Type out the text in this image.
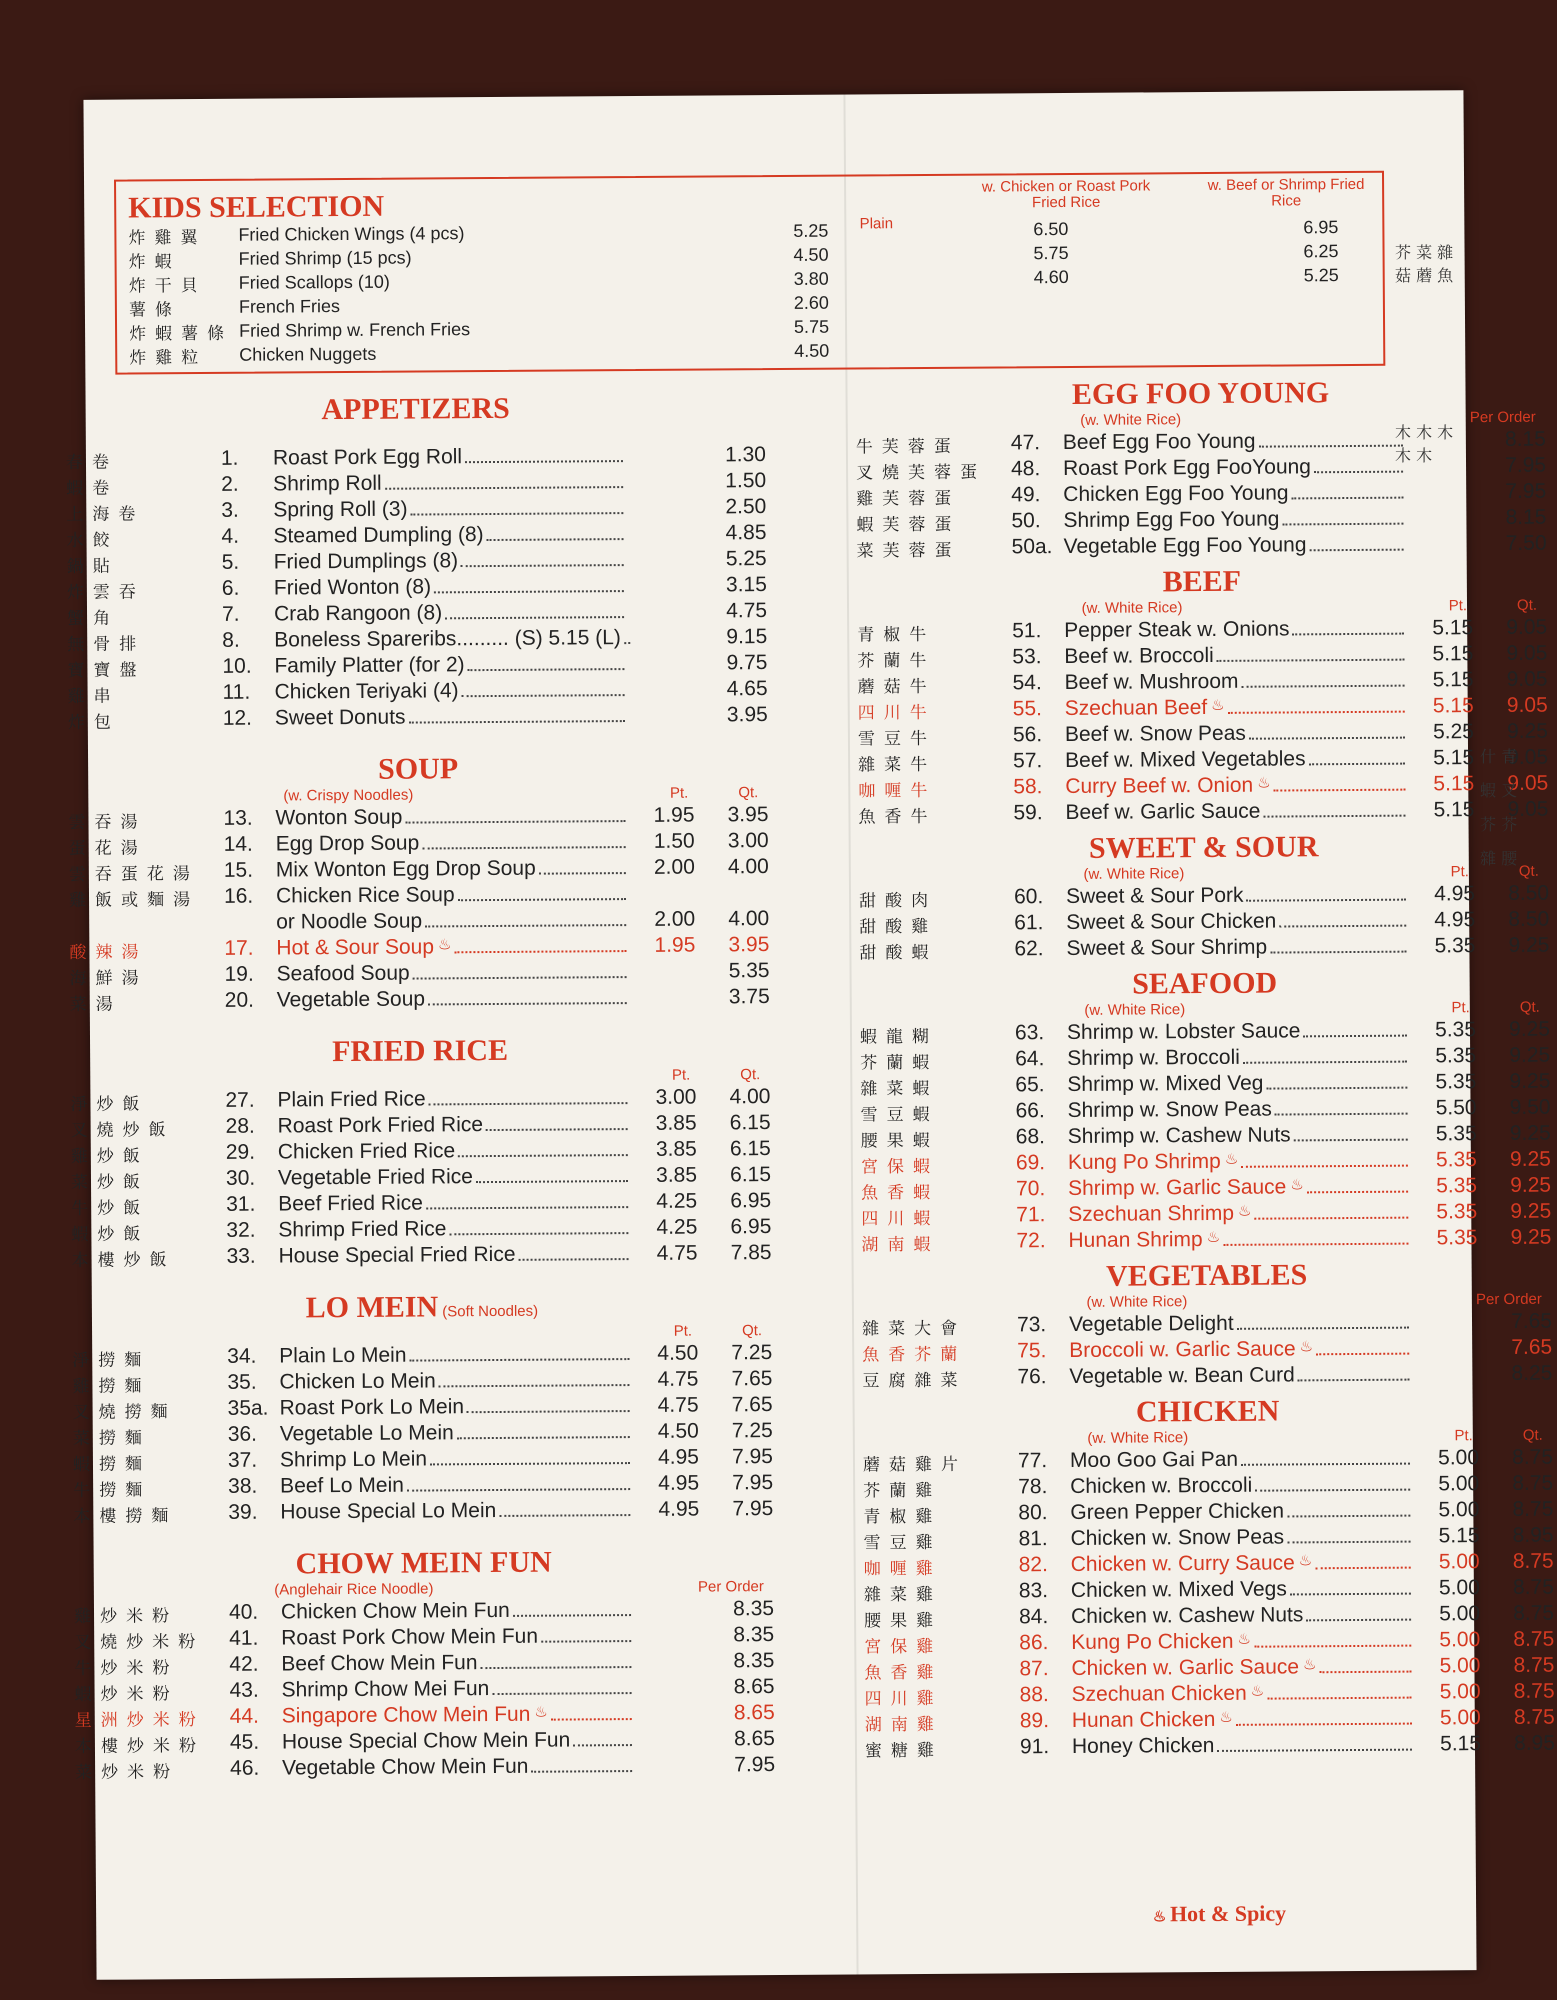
KIDS SELECTION	Plain
w. Chicken or Roast Pork Fried Rice
w. Beef or Shrimp Fried Rice
炸雞翼	Fried Chicken Wings (4 pcs)	5.25	6.50	6.95
炸蝦	Fried Shrimp (15 pcs)	4.50	5.75	6.25
炸干貝	Fried Scallops (10)	3.80	4.60	5.25
薯條	French Fries	2.60
炸蝦薯條 Fried Shrimp w. French Fries	5.75
炸雞粒	Chicken Nuggets	4.50
APPETIZERS
春卷	1.	Roast Pork Egg Roll	1.30
蝦卷	2.	Shrimp Roll	1.50
上海卷	3.	Spring Roll (3)	2.50
水餃	4.	Steamed Dumpling (8)	4.85
鍋貼	5.	Fried Dumplings (8)	5.25
炸雲吞	6.	Fried Wonton (8)	3.15
蟹角	7.	Crab Rangoon (8)	4.75
無骨排	8.	Boneless Spareribs......... (S) 5.15 (L)	9.15
寶寶盤	10.	Family Platter (for 2)	9.75
雞串	11.	Chicken Teriyaki (4)	4.65
炸包	12.	Sweet Donuts	3.95
SOUP
(w. Crispy Noodles)	Pt.	Qt.
雲吞湯	13.	Wonton Soup	1.95	3.95
蛋花湯	14.	Egg Drop Soup	1.50	3.00
雲吞蛋花湯	15.	Mix Wonton Egg Drop Soup	2.00	4.00
雞飯或麵湯	16.	Chicken Rice Soup
or Noodle Soup	2.00	4.00
酸辣湯	17.	Hot & Sour Soup ♨	1.95	3.95
海鮮湯	19.	Seafood Soup	5.35
菜湯	20.	Vegetable Soup	3.75
FRIED RICE
Pt.	Qt.
淨炒飯	27.	Plain Fried Rice	3.00	4.00
叉燒炒飯	28.	Roast Pork Fried Rice	3.85	6.15
雞炒飯	29.	Chicken Fried Rice	3.85	6.15
菜炒飯	30.	Vegetable Fried Rice	3.85	6.15
牛炒飯	31.	Beef Fried Rice	4.25	6.95
蝦炒飯	32.	Shrimp Fried Rice	4.25	6.95
本樓炒飯	33.	House Special Fried Rice	4.75	7.85
LO MEIN (Soft Noodles)
Pt.	Qt.
淨撈麵	34.	Plain Lo Mein	4.50	7.25
雞撈麵	35.	Chicken Lo Mein	4.75	7.65
叉燒撈麵	35a. Roast Pork Lo Mein	4.75	7.65
菜撈麵	36.	Vegetable Lo Mein	4.50	7.25
蝦撈麵	37.	Shrimp Lo Mein	4.95	7.95
牛撈麵	38.	Beef Lo Mein	4.95	7.95
本樓撈麵	39.	House Special Lo Mein	4.95	7.95
CHOW MEIN FUN
(Anglehair Rice Noodle)	Per Order
雞炒米粉	40.	Chicken Chow Mein Fun	8.35
叉燒炒米粉	41.	Roast Pork Chow Mein Fun	8.35
牛炒米粉	42.	Beef Chow Mein Fun	8.35
蝦炒米粉	43.	Shrimp Chow Mei Fun	8.65
星洲炒米粉	44.	Singapore Chow Mein Fun ♨	8.65
本樓炒米粉	45.	House Special Chow Mein Fun	8.65
菜炒米粉	46.	Vegetable Chow Mein Fun	7.95
EGG FOO YOUNG
(w. White Rice)	Per Order
牛芙蓉蛋	47.	Beef Egg Foo Young	8.15
叉燒芙蓉蛋	48.	Roast Pork Egg FooYoung	7.95
雞芙蓉蛋	49.	Chicken Egg Foo Young	7.95
蝦芙蓉蛋	50.	Shrimp Egg Foo Young	8.15
菜芙蓉蛋	50a. Vegetable Egg Foo Young	7.50
BEEF
(w. White Rice)	Pt.	Qt.
青椒牛	51.	Pepper Steak w. Onions	5.15	9.05
芥蘭牛	53.	Beef w. Broccoli	5.15	9.05
蘑菇牛	54.	Beef w. Mushroom	5.15	9.05
四川牛	55.	Szechuan Beef ♨	5.15	9.05
雪豆牛	56.	Beef w. Snow Peas	5.25	9.25
雜菜牛	57.	Beef w. Mixed Vegetables	5.15	9.05
咖喱牛	58.	Curry Beef w. Onion ♨	5.15	9.05
魚香牛	59.	Beef w. Garlic Sauce	5.15	9.05
SWEET & SOUR
(w. White Rice)	Pt.	Qt.
甜酸肉	60.	Sweet & Sour Pork	4.95	8.50
甜酸雞	61.	Sweet & Sour Chicken	4.95	8.50
甜酸蝦	62.	Sweet & Sour Shrimp	5.35	9.25
SEAFOOD
(w. White Rice)	Pt.	Qt.
蝦龍糊	63.	Shrimp w. Lobster Sauce	5.35	9.25
芥蘭蝦	64.	Shrimp w. Broccoli	5.35	9.25
雜菜蝦	65.	Shrimp w. Mixed Veg	5.35	9.25
雪豆蝦	66.	Shrimp w. Snow Peas	5.50	9.50
腰果蝦	68.	Shrimp w. Cashew Nuts	5.35	9.25
宮保蝦	69.	Kung Po Shrimp ♨	5.35	9.25
魚香蝦	70.	Shrimp w. Garlic Sauce ♨	5.35	9.25
四川蝦	71.	Szechuan Shrimp ♨	5.35	9.25
湖南蝦	72.	Hunan Shrimp ♨	5.35	9.25
VEGETABLES
(w. White Rice)	Per Order
雜菜大會	73.	Vegetable Delight	7.65
魚香芥蘭	75.	Broccoli w. Garlic Sauce ♨	7.65
豆腐雜菜	76.	Vegetable w. Bean Curd	8.25
CHICKEN
(w. White Rice)	Pt.	Qt.
蘑菇雞片	77.	Moo Goo Gai Pan	5.00	8.75
芥蘭雞	78.	Chicken w. Broccoli	5.00	8.75
青椒雞	80.	Green Pepper Chicken	5.00	8.75
雪豆雞	81.	Chicken w. Snow Peas	5.15	8.95
咖喱雞	82.	Chicken w. Curry Sauce ♨	5.00	8.75
雜菜雞	83.	Chicken w. Mixed Vegs	5.00	8.75
腰果雞	84.	Chicken w. Cashew Nuts	5.00	8.75
宮保雞	86.	Kung Po Chicken ♨	5.00	8.75
魚香雞	87.	Chicken w. Garlic Sauce ♨	5.00	8.75
四川雞	88.	Szechuan Chicken ♨	5.00	8.75
湖南雞	89.	Hunan Chicken ♨	5.00	8.75
蜜糖雞	91.	Honey Chicken	5.15	8.95
♨ Hot & Spicy
芥 菜 雜 菇 蘑 魚
木 木 木 木 木
什 青 蝦 叉 芥 芥 雜 腰
